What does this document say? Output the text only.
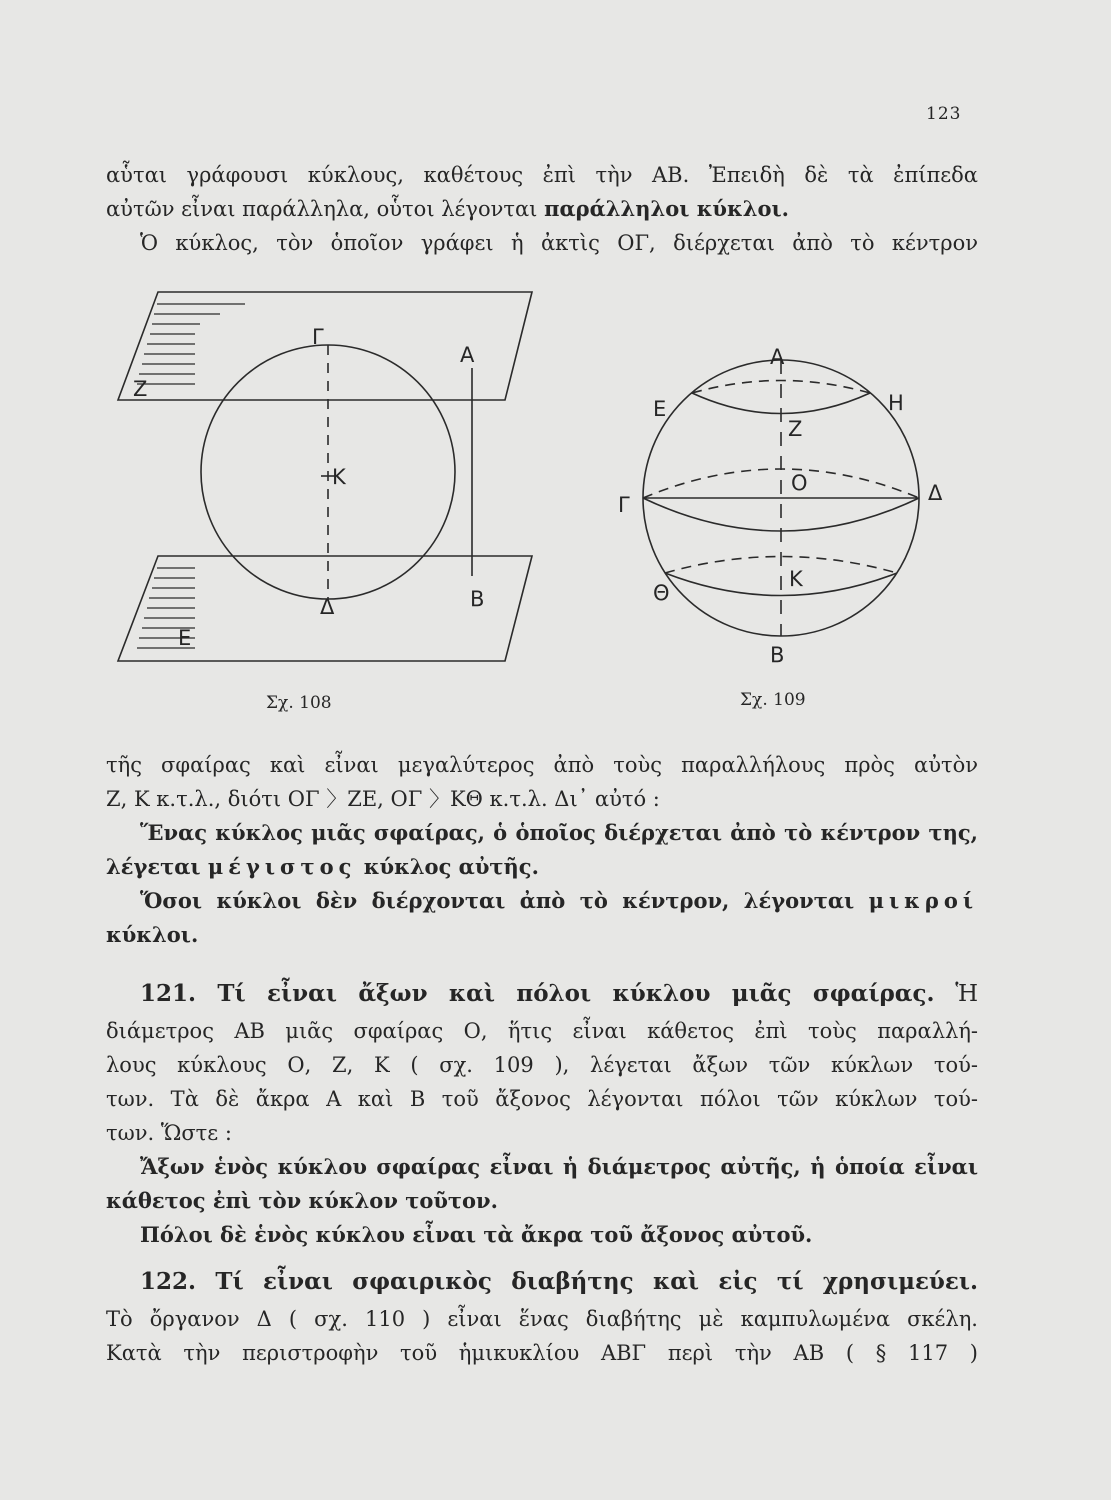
123
αὗται γράφουσι κύκλους, καθέτους ἐπὶ τὴν ΑΒ. Ἐπειδὴ δὲ τὰ ἐπίπεδα
αὐτῶν εἶναι παράλληλα, οὗτοι λέγονται παράλληλοι κύκλοι.
Ὁ κύκλος, τὸν ὁποῖον γράφει ἡ ἀκτὶς ΟΓ, διέρχεται ἀπὸ τὸ κέντρον
Γ
Α
Ζ
Κ
Δ	Β
Ε
Σχ. 108
Α
Ε	Η
Ζ
Ο
Γ	Δ
Κ
Θ
Β
Σχ. 109
τῆς σφαίρας καὶ εἶναι μεγαλύτερος ἀπὸ τοὺς παραλλήλους πρὸς αὐτὸν
Ζ, Κ κ.τ.λ., διότι ΟΓ 〉ΖΕ, ΟΓ 〉ΚΘ κ.τ.λ. Δι᾽ αὐτό :
Ἕνας κύκλος μιᾶς σφαίρας, ὁ ὁποῖος διέρχεται ἀπὸ τὸ κέντρον της,
λέγεται μέγιστος κύκλος αὐτῆς.
Ὅσοι κύκλοι δὲν διέρχονται ἀπὸ τὸ κέντρον, λέγονται μικροί
κύκλοι.
121. Τί εἶναι ἄξων καὶ πόλοι κύκλου μιᾶς σφαίρας. Ἡ
διάμετρος ΑΒ μιᾶς σφαίρας Ο, ἥτις εἶναι κάθετος ἐπὶ τοὺς παραλλή-
λους κύκλους Ο, Ζ, Κ ( σχ. 109 ), λέγεται ἄξων τῶν κύκλων τού-
των. Τὰ δὲ ἄκρα Α καὶ Β τοῦ ἄξονος λέγονται πόλοι τῶν κύκλων τού-
των. Ὥστε :
Ἄξων ἑνὸς κύκλου σφαίρας εἶναι ἡ διάμετρος αὐτῆς, ἡ ὁποία εἶναι
κάθετος ἐπὶ τὸν κύκλον τοῦτον.
Πόλοι δὲ ἑνὸς κύκλου εἶναι τὰ ἄκρα τοῦ ἄξονος αὐτοῦ.
122. Τί εἶναι σφαιρικὸς διαβήτης καὶ εἰς τί χρησιμεύει.
Τὸ ὄργανον Δ ( σχ. 110 ) εἶναι ἕνας διαβήτης μὲ καμπυλωμένα σκέλη.
Κατὰ τὴν περιστροφὴν τοῦ ἡμικυκλίου ΑΒΓ περὶ τὴν ΑΒ ( § 117 )
